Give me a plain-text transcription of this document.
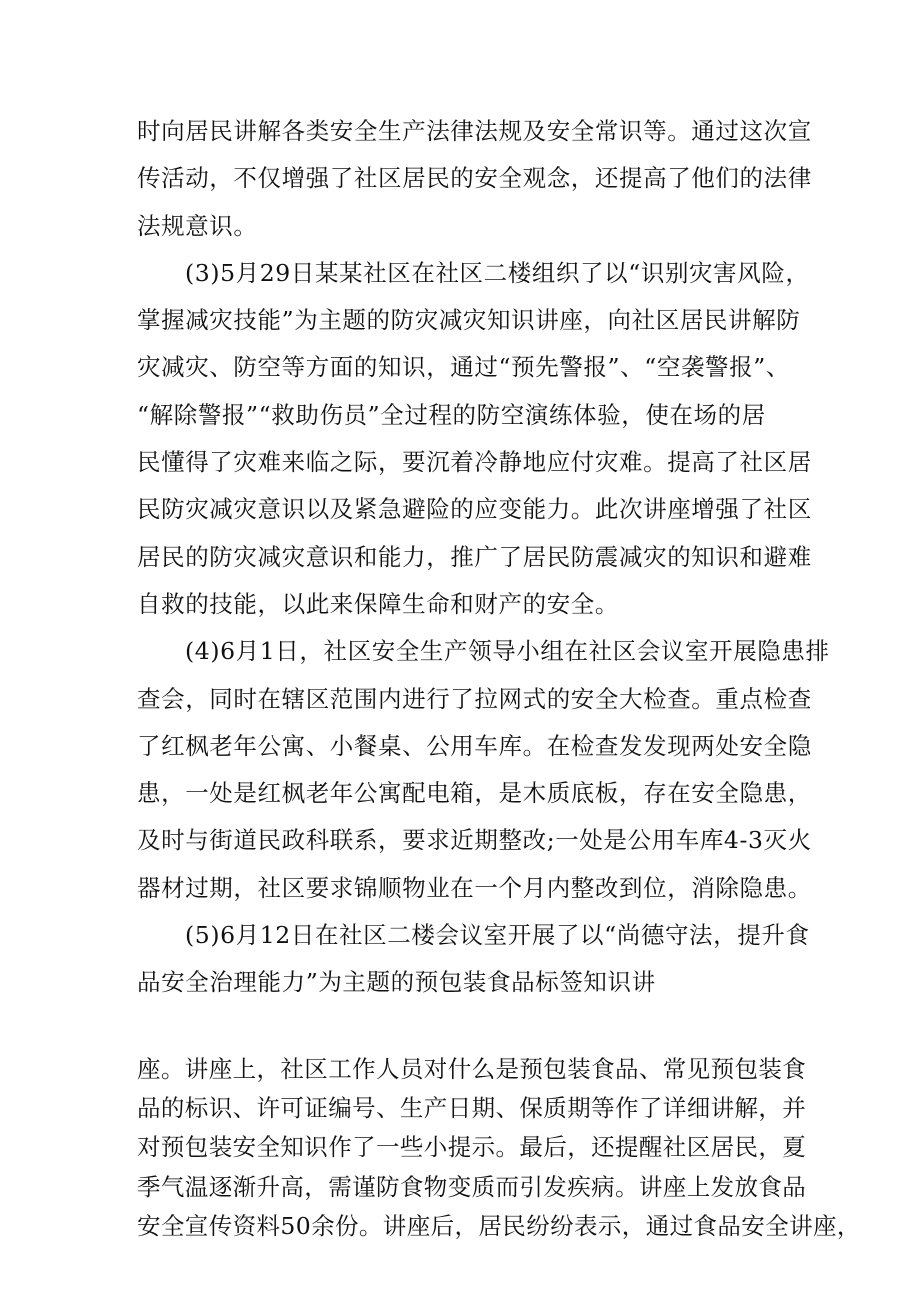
时向居民讲解各类安全生产法律法规及安全常识等。通过这次宣
传活动，不仅增强了社区居民的安全观念，还提高了他们的法律
法规意识。
(3)5月29日某某社区在社区二楼组织了以“识别灾害风险，
掌握减灾技能”为主题的防灾减灾知识讲座，向社区居民讲解防
灾减灾、防空等方面的知识，通过“预先警报”、“空袭警报”、
“解除警报”“救助伤员”全过程的防空演练体验，使在场的居
民懂得了灾难来临之际，要沉着冷静地应付灾难。提高了社区居
民防灾减灾意识以及紧急避险的应变能力。此次讲座增强了社区
居民的防灾减灾意识和能力，推广了居民防震减灾的知识和避难
自救的技能，以此来保障生命和财产的安全。
(4)6月1日，社区安全生产领导小组在社区会议室开展隐患排
查会，同时在辖区范围内进行了拉网式的安全大检查。重点检查
了红枫老年公寓、小餐桌、公用车库。在检查发发现两处安全隐
患，一处是红枫老年公寓配电箱，是木质底板，存在安全隐患，
及时与街道民政科联系，要求近期整改;一处是公用车库4-3灭火
器材过期，社区要求锦顺物业在一个月内整改到位，消除隐患。
(5)6月12日在社区二楼会议室开展了以“尚德守法，提升食
品安全治理能力”为主题的预包装食品标签知识讲
座。讲座上，社区工作人员对什么是预包装食品、常见预包装食
品的标识、许可证编号、生产日期、保质期等作了详细讲解，并
对预包装安全知识作了一些小提示。最后，还提醒社区居民，夏
季气温逐渐升高，需谨防食物变质而引发疾病。讲座上发放食品
安全宣传资料50余份。讲座后，居民纷纷表示，通过食品安全讲座，
